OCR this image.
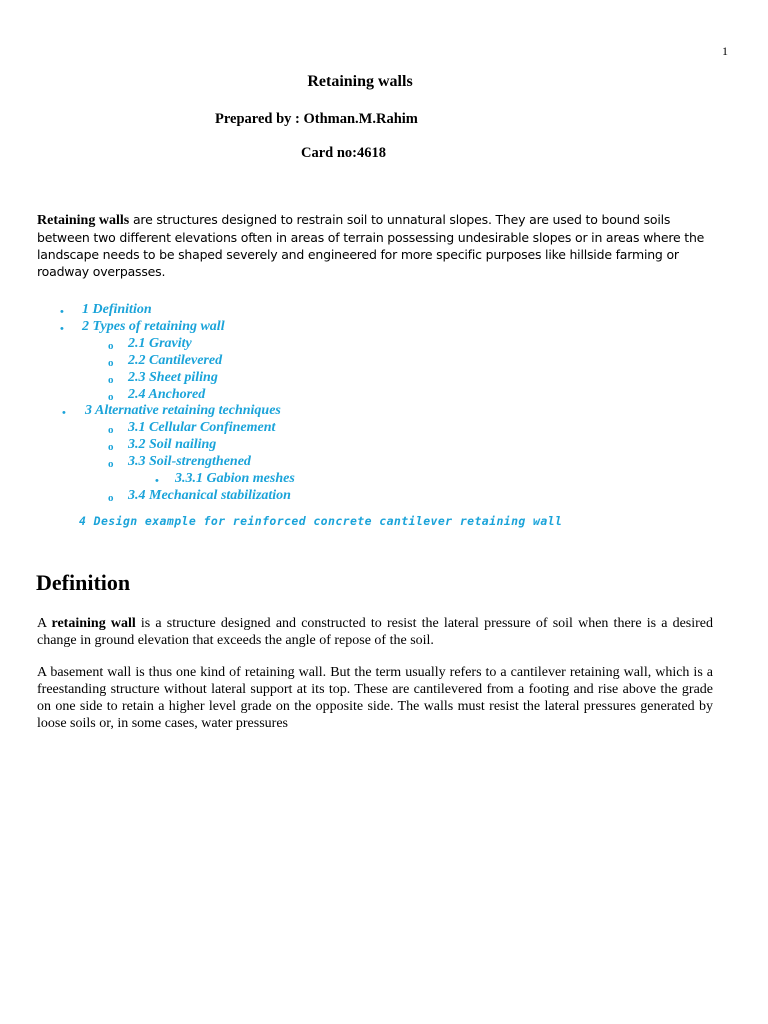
1
Retaining walls
Prepared by : Othman.M.Rahim
Card no:4618
Retaining walls are structures designed to restrain soil to unnatural slopes. They are used to bound soils between two different elevations often in areas of terrain possessing undesirable slopes or in areas where the landscape needs to be shaped severely and engineered for more specific purposes like hillside farming or roadway overpasses.
• 1 Definition
• 2 Types of retaining wall
o 2.1 Gravity
o 2.2 Cantilevered
o 2.3 Sheet piling
o 2.4 Anchored
• 3 Alternative retaining techniques
o 3.1 Cellular Confinement
o 3.2 Soil nailing
o 3.3 Soil-strengthened
• 3.3.1 Gabion meshes
o 3.4 Mechanical stabilization
4 Design example for reinforced concrete cantilever retaining wall
Definition
A retaining wall is a structure designed and constructed to resist the lateral pressure of soil when there is a desired change in ground elevation that exceeds the angle of repose of the soil.
A basement wall is thus one kind of retaining wall. But the term usually refers to a cantilever retaining wall, which is a freestanding structure without lateral support at its top. These are cantilevered from a footing and rise above the grade on one side to retain a higher level grade on the opposite side. The walls must resist the lateral pressures generated by loose soils or, in some cases, water pressures
